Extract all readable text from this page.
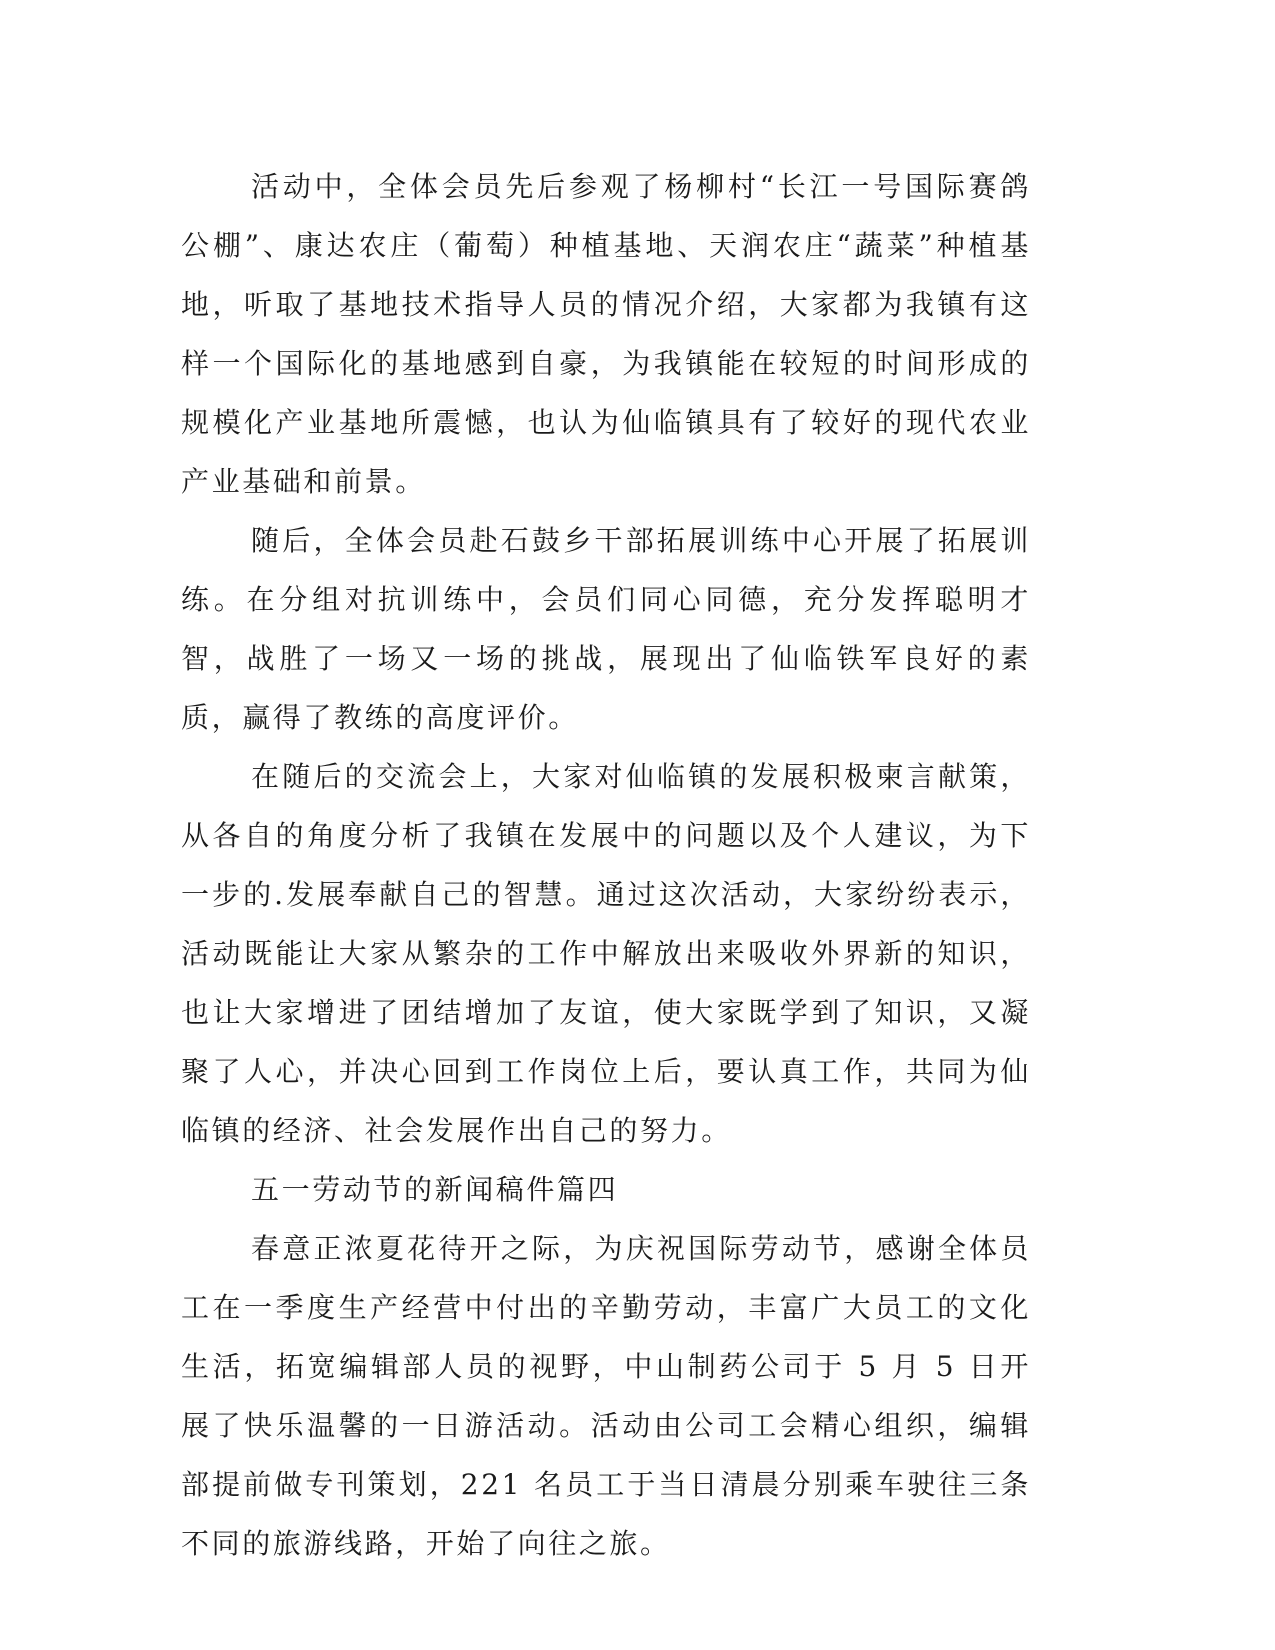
活动中，全体会员先后参观了杨柳村“长江一号国际赛鸽公棚”、康达农庄（葡萄）种植基地、天润农庄“蔬菜”种植基地，听取了基地技术指导人员的情况介绍，大家都为我镇有这样一个国际化的基地感到自豪，为我镇能在较短的时间形成的规模化产业基地所震憾，也认为仙临镇具有了较好的现代农业产业基础和前景。

随后，全体会员赴石鼓乡干部拓展训练中心开展了拓展训练。在分组对抗训练中，会员们同心同德，充分发挥聪明才智，战胜了一场又一场的挑战，展现出了仙临铁军良好的素质，赢得了教练的高度评价。

在随后的交流会上，大家对仙临镇的发展积极柬言献策，从各自的角度分析了我镇在发展中的问题以及个人建议，为下一步的.发展奉献自己的智慧。通过这次活动，大家纷纷表示，活动既能让大家从繁杂的工作中解放出来吸收外界新的知识，也让大家增进了团结增加了友谊，使大家既学到了知识，又凝聚了人心，并决心回到工作岗位上后，要认真工作，共同为仙临镇的经济、社会发展作出自己的努力。

五一劳动节的新闻稿件篇四

春意正浓夏花待开之际，为庆祝国际劳动节，感谢全体员工在一季度生产经营中付出的辛勤劳动，丰富广大员工的文化生活，拓宽编辑部人员的视野，中山制药公司于 5 月 5 日开展了快乐温馨的一日游活动。活动由公司工会精心组织，编辑部提前做专刊策划，221 名员工于当日清晨分别乘车驶往三条不同的旅游线路，开始了向往之旅。
